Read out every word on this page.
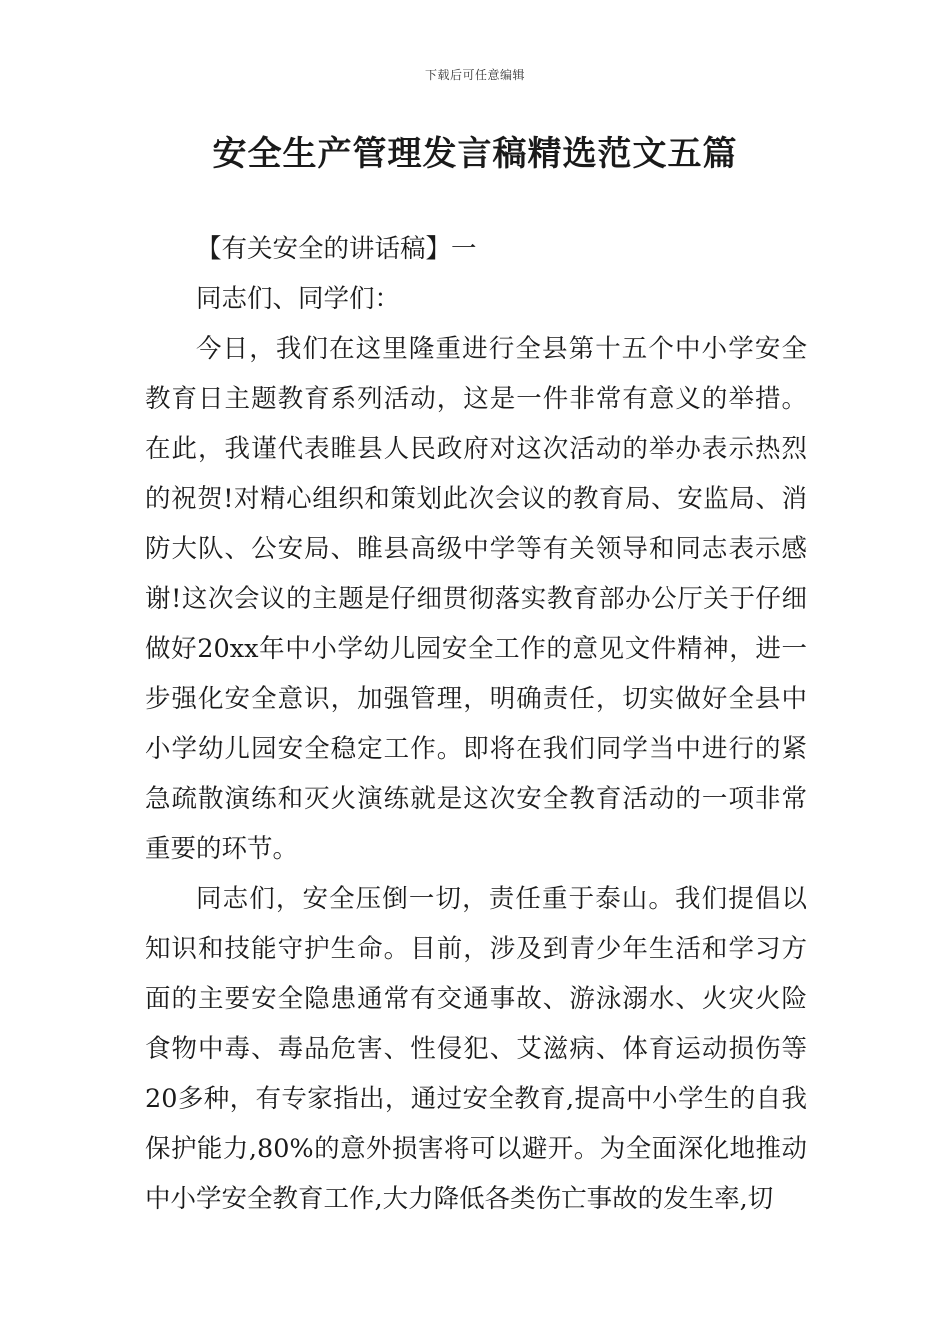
下载后可任意编辑
安全生产管理发言稿精选范文五篇

【有关安全的讲话稿】一

同志们、同学们：

今日，我们在这里隆重进行全县第十五个中小学安全教育日主题教育系列活动，这是一件非常有意义的举措。在此，我谨代表睢县人民政府对这次活动的举办表示热烈的祝贺!对精心组织和策划此次会议的教育局、安监局、消防大队、公安局、睢县高级中学等有关领导和同志表示感谢!这次会议的主题是仔细贯彻落实教育部办公厅关于仔细做好20xx年中小学幼儿园安全工作的意见文件精神，进一步强化安全意识，加强管理，明确责任，切实做好全县中小学幼儿园安全稳定工作。即将在我们同学当中进行的紧急疏散演练和灭火演练就是这次安全教育活动的一项非常重要的环节。

同志们，安全压倒一切，责任重于泰山。我们提倡以知识和技能守护生命。目前，涉及到青少年生活和学习方面的主要安全隐患通常有交通事故、游泳溺水、火灾火险食物中毒、毒品危害、性侵犯、艾滋病、体育运动损伤等20多种，有专家指出，通过安全教育,提高中小学生的自我保护能力,80%的意外损害将可以避开。为全面深化地推动中小学安全教育工作,大力降低各类伤亡事故的发生率,切
